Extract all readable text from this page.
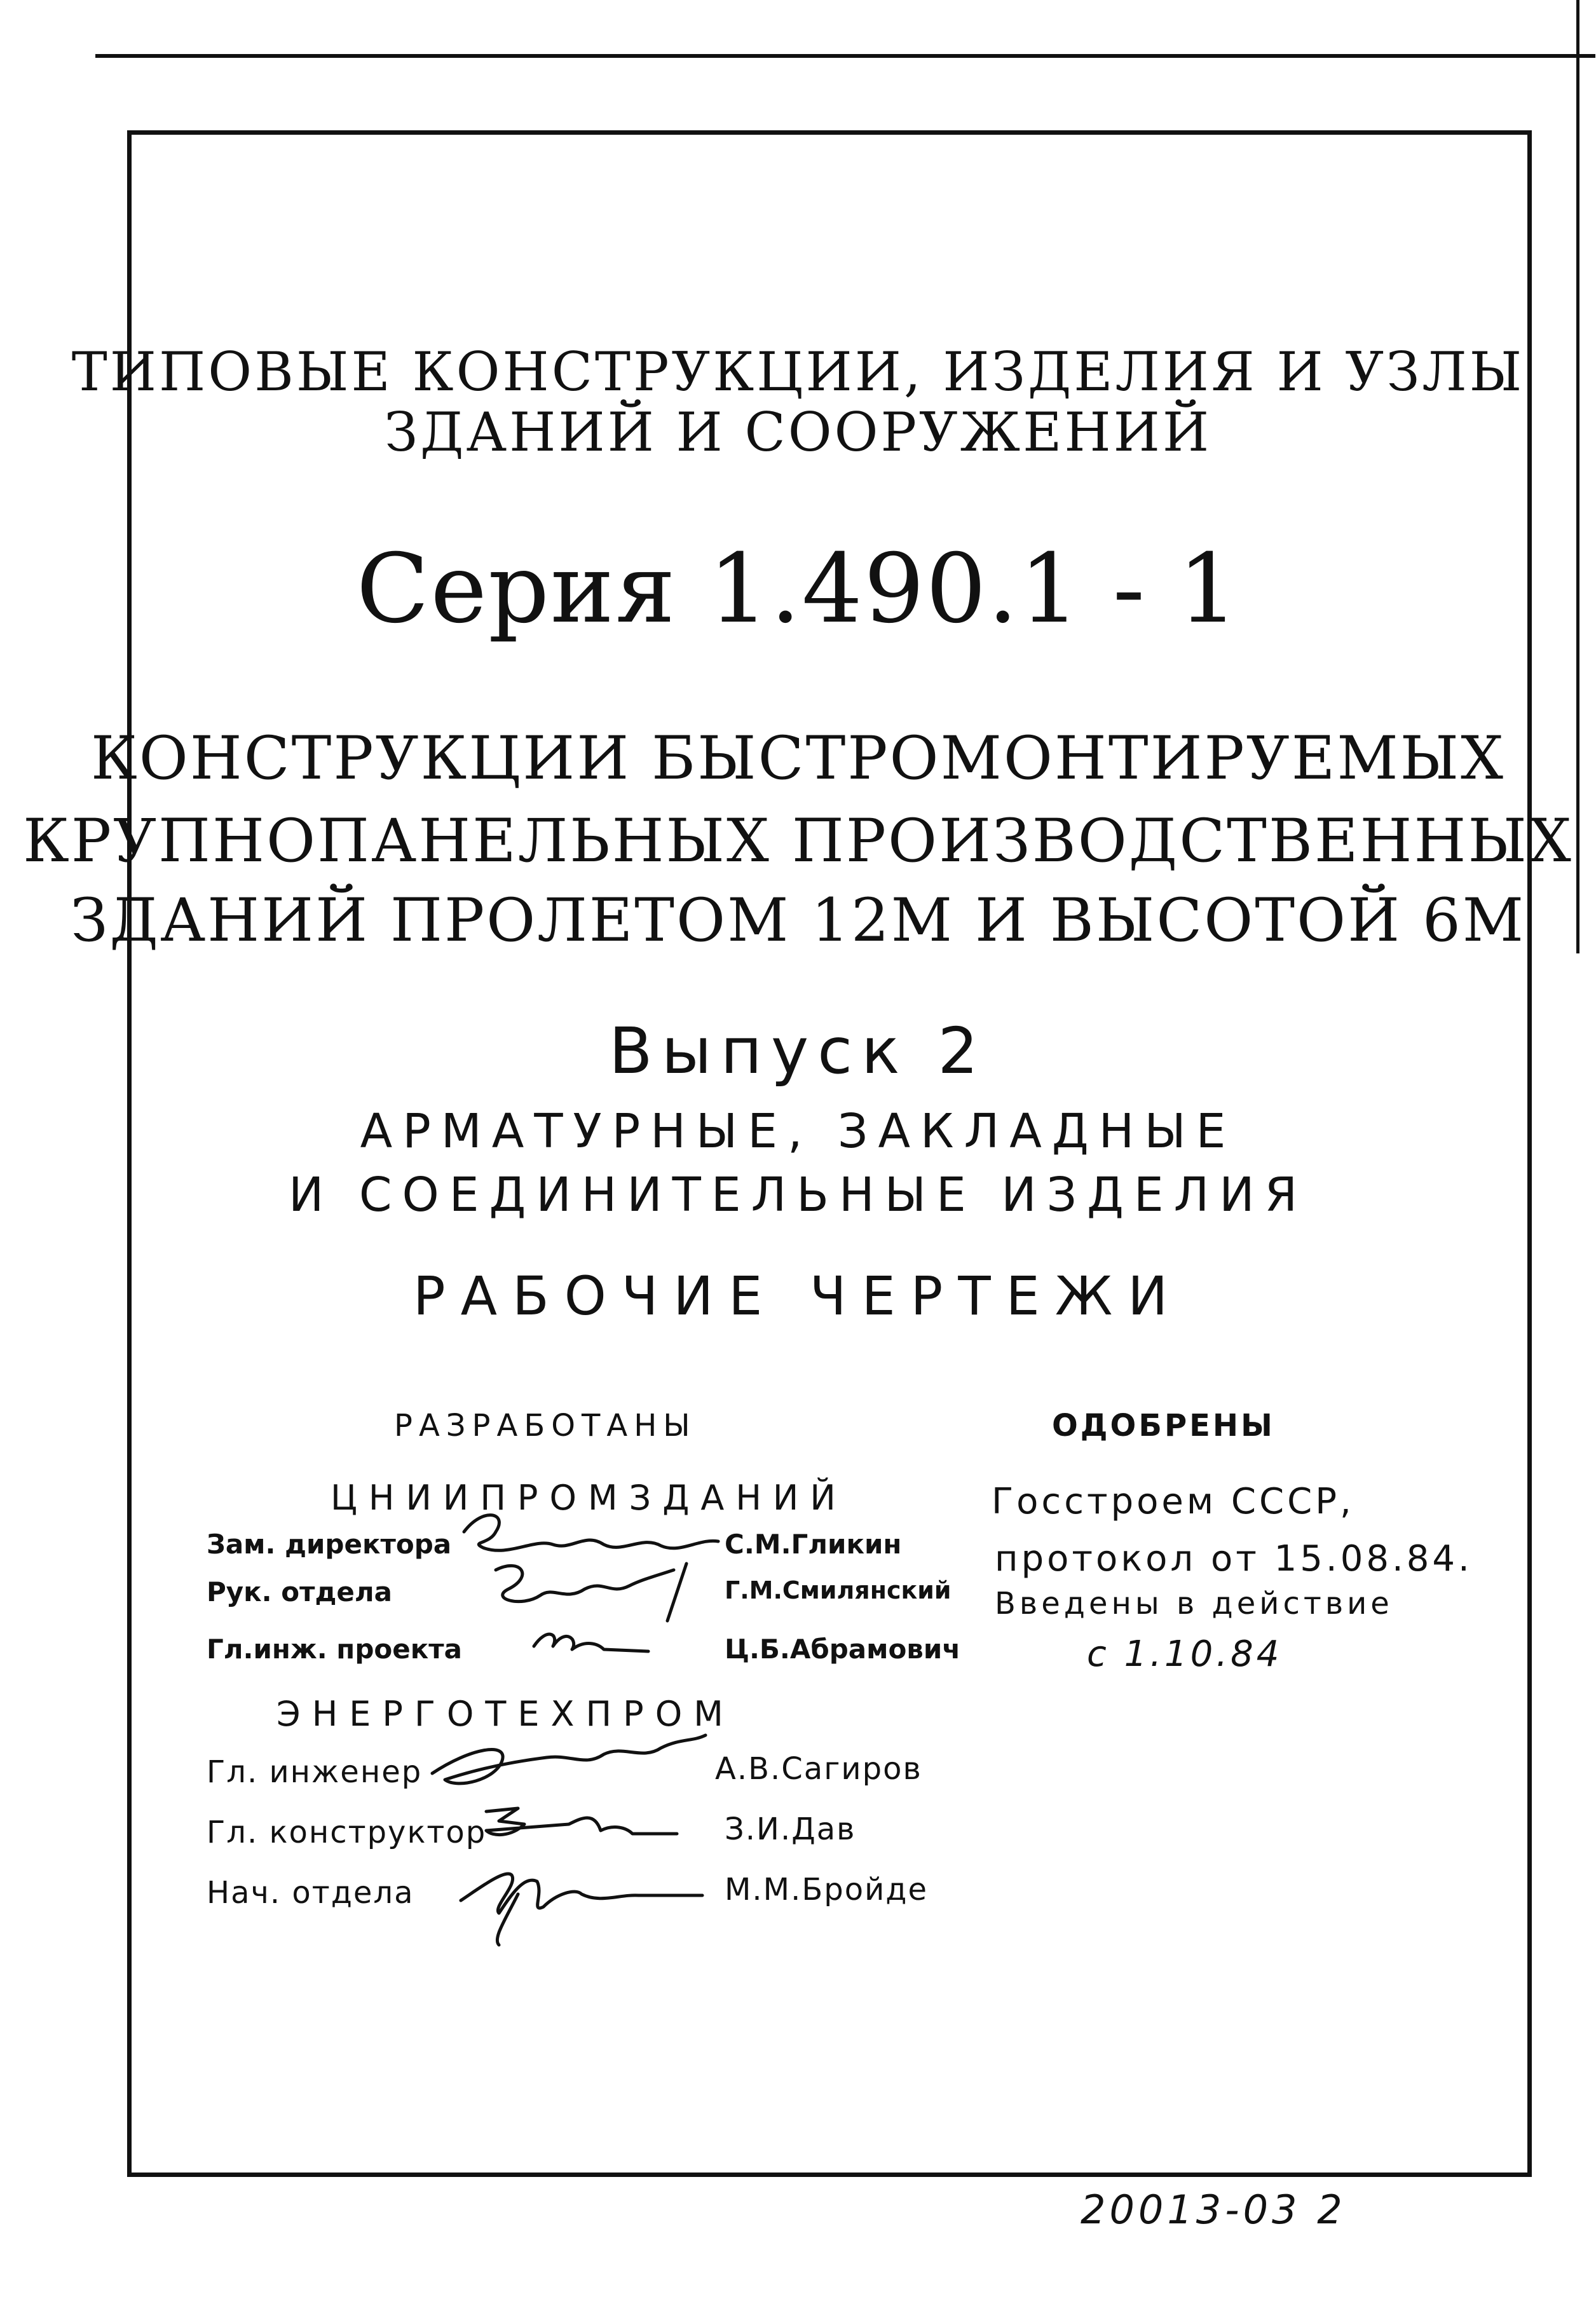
ТИПОВЫЕ КОНСТРУКЦИИ, ИЗДЕЛИЯ И УЗЛЫ
ЗДАНИЙ И СООРУЖЕНИЙ
Серия 1.490.1 - 1
КОНСТРУКЦИИ БЫСТРОМОНТИРУЕМЫХ
КРУПНОПАНЕЛЬНЫХ ПРОИЗВОДСТВЕННЫХ
ЗДАНИЙ ПРОЛЕТОМ 12М И ВЫСОТОЙ 6М
Выпуск 2
АРМАТУРНЫЕ, ЗАКЛАДНЫЕ
И СОЕДИНИТЕЛЬНЫЕ ИЗДЕЛИЯ
РАБОЧИЕ ЧЕРТЕЖИ
РАЗРАБОТАНЫ
ЦНИИПРОМЗДАНИЙ
Зам. директора	С.М.Гликин
Рук. отдела	Г.М.Смилянский
Гл.инж. проекта	Ц.Б.Абрамович
ЭНЕРГОТЕХПРОМ
Гл. инженер	А.В.Сагиров
Гл. конструктор	З.И.Дав
Нач. отдела	М.М.Бройде
ОДОБРЕНЫ
Госстроем СССР,
протокол от 15.08.84.
Введены в действие
с 1.10.84
20013-03 2
